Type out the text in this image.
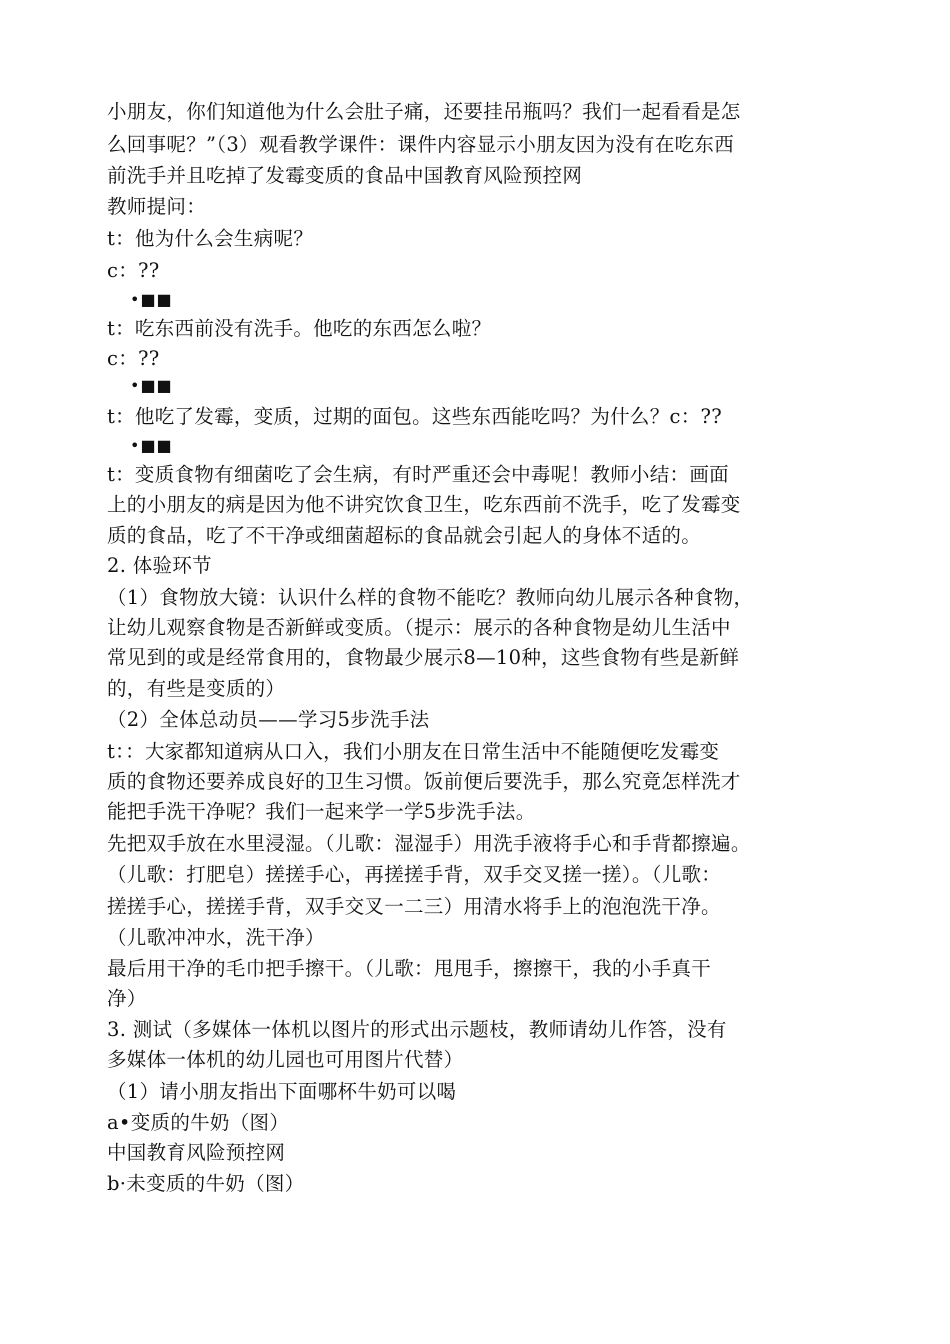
小朋友，你们知道他为什么会肚子痛，还要挂吊瓶吗？我们一起看看是怎
么回事呢？”（3）观看教学课件：课件内容显示小朋友因为没有在吃东西
前洗手并且吃掉了发霉变质的食品中国教育风险预控网
教师提问：
t：他为什么会生病呢？
c：??
•■■
t：吃东西前没有洗手。他吃的东西怎么啦？
c：??
•■■
t：他吃了发霉，变质，过期的面包。这些东西能吃吗？为什么？c：??
•■■
t：变质食物有细菌吃了会生病，有时严重还会中毒呢！教师小结：画面
上的小朋友的病是因为他不讲究饮食卫生，吃东西前不洗手，吃了发霉变
质的食品，吃了不干净或细菌超标的食品就会引起人的身体不适的。
2. 体验环节
（1）食物放大镜：认识什么样的食物不能吃？教师向幼儿展示各种食物，
让幼儿观察食物是否新鲜或变质。（提示：展示的各种食物是幼儿生活中
常见到的或是经常食用的，食物最少展示8—10种，这些食物有些是新鲜
的，有些是变质的）
（2）全体总动员——学习5步洗手法
t：：大家都知道病从口入，我们小朋友在日常生活中不能随便吃发霉变
质的食物还要养成良好的卫生习惯。饭前便后要洗手，那么究竟怎样洗才
能把手洗干净呢？我们一起来学一学5步洗手法。
先把双手放在水里浸湿。（儿歌：湿湿手）用洗手液将手心和手背都擦遍。
（儿歌：打肥皂）搓搓手心，再搓搓手背，双手交叉搓一搓）。（儿歌：
搓搓手心，搓搓手背，双手交叉一二三）用清水将手上的泡泡洗干净。
（儿歌冲冲水，洗干净）
最后用干净的毛巾把手擦干。（儿歌：甩甩手，擦擦干，我的小手真干
净）
3. 测试（多媒体一体机以图片的形式出示题枝，教师请幼儿作答，没有
多媒体一体机的幼儿园也可用图片代替）
（1）请小朋友指出下面哪杯牛奶可以喝
a•变质的牛奶（图）
中国教育风险预控网
b·未变质的牛奶（图）
